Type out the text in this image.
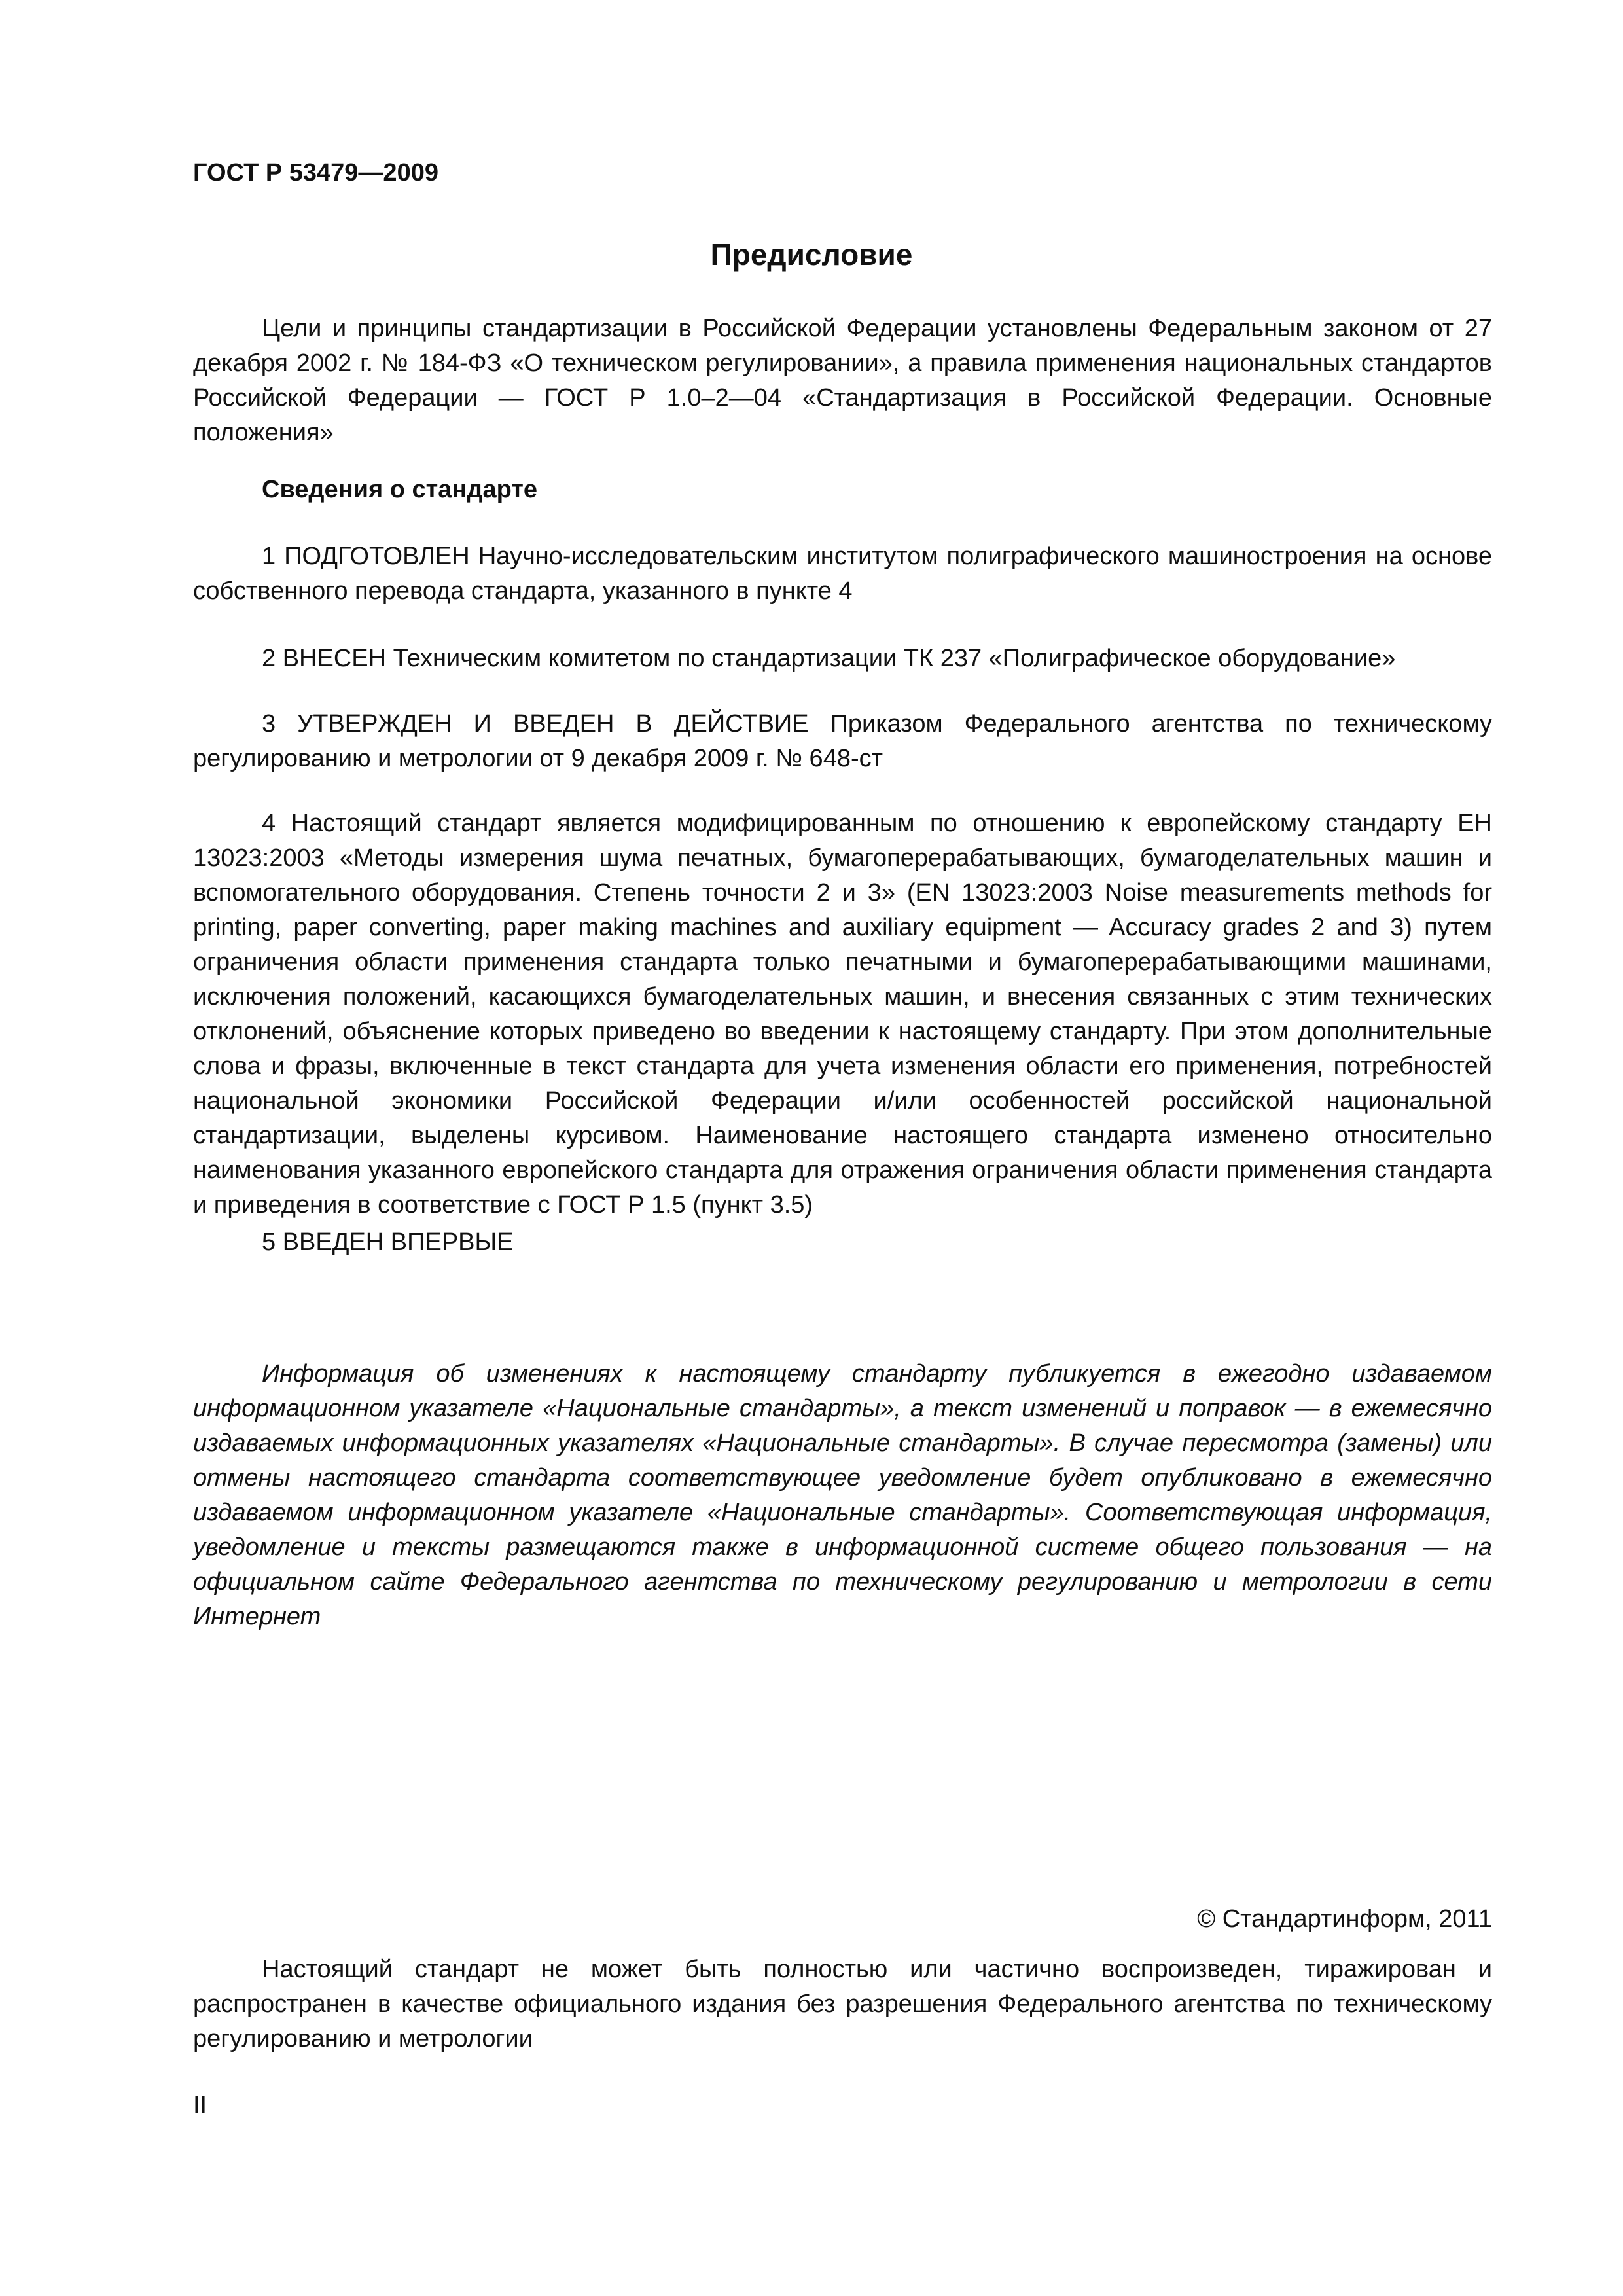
ГОСТ Р 53479—2009

Предисловие

Цели и принципы стандартизации в Российской Федерации установлены Федеральным законом от 27 декабря 2002 г. № 184-ФЗ «О техническом регулировании», а правила применения национальных стандартов Российской Федерации — ГОСТ Р 1.0–2—04 «Стандартизация в Российской Федерации. Основные положения»

Сведения о стандарте

1 ПОДГОТОВЛЕН Научно-исследовательским институтом полиграфического машиностроения на основе собственного перевода стандарта, указанного в пункте 4

2 ВНЕСЕН Техническим комитетом по стандартизации ТК 237 «Полиграфическое оборудование»

3 УТВЕРЖДЕН И ВВЕДЕН В ДЕЙСТВИЕ Приказом Федерального агентства по техническому регулированию и метрологии от 9 декабря 2009 г. № 648-ст

4 Настоящий стандарт является модифицированным по отношению к европейскому стандарту ЕН 13023:2003 «Методы измерения шума печатных, бумагоперерабатывающих, бумагоделательных машин и вспомогательного оборудования. Степень точности 2 и 3» (EN 13023:2003 Noise measurements methods for printing, paper converting, paper making machines and auxiliary equipment — Accuracy grades 2 and 3) путем ограничения области применения стандарта только печатными и бумагоперерабатывающими машинами, исключения положений, касающихся бумагоделательных машин, и внесения связанных с этим технических отклонений, объяснение которых приведено во введении к настоящему стандарту. При этом дополнительные слова и фразы, включенные в текст стандарта для учета изменения области его применения, потребностей национальной экономики Российской Федерации и/или особенностей российской национальной стандартизации, выделены курсивом. Наименование настоящего стандарта изменено относительно наименования указанного европейского стандарта для отражения ограничения области применения стандарта и приведения в соответствие с ГОСТ Р 1.5 (пункт 3.5)

5 ВВЕДЕН ВПЕРВЫЕ

Информация об изменениях к настоящему стандарту публикуется в ежегодно издаваемом информационном указателе «Национальные стандарты», а текст изменений и поправок — в ежемесячно издаваемых информационных указателях «Национальные стандарты». В случае пересмотра (замены) или отмены настоящего стандарта соответствующее уведомление будет опубликовано в ежемесячно издаваемом информационном указателе «Национальные стандарты». Соответствующая информация, уведомление и тексты размещаются также в информационной системе общего пользования — на официальном сайте Федерального агентства по техническому регулированию и метрологии в сети Интернет

© Стандартинформ, 2011

Настоящий стандарт не может быть полностью или частично воспроизведен, тиражирован и распространен в качестве официального издания без разрешения Федерального агентства по техническому регулированию и метрологии

II
